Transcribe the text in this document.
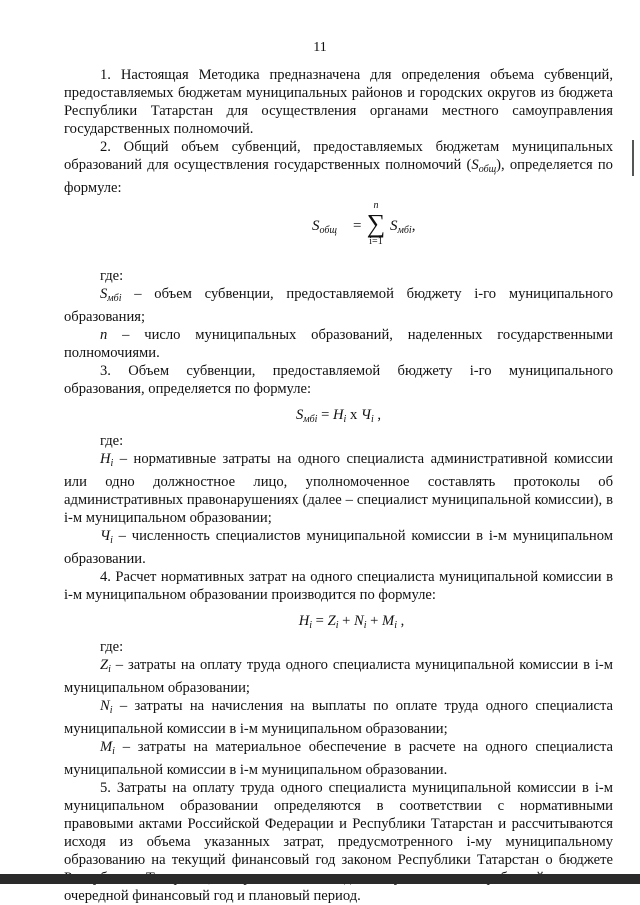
11

1. Настоящая Методика предназначена для определения объема субвенций, предоставляемых бюджетам муниципальных районов и городских округов из бюджета Республики Татарстан для осуществления органами местного самоуправления государственных полномочий.

2. Общий объем субвенций, предоставляемых бюджетам муниципальных образований для осуществления государственных полномочий $(S_{общ})$, определяется по формуле:

$S_{общ}$ =
n
∑
i=1
$S_{мбi}$,

где:

$S_{мбi}$ – объем субвенции, предоставляемой бюджету i-го муниципального образования;

n – число муниципальных образований, наделенных государственными полномочиями.

3. Объем субвенции, предоставляемой бюджету i-го муниципального образования, определяется по формуле:

$S_{мбi} = H_i$ x $Ч_i$ ,

где:

$H_i$ – нормативные затраты на одного специалиста административной комиссии или одно должностное лицо, уполномоченное составлять протоколы об административных правонарушениях (далее – специалист муниципальной комиссии), в i-м муниципальном образовании;

$Ч_i$ – численность специалистов муниципальной комиссии в i-м муниципальном образовании.

4. Расчет нормативных затрат на одного специалиста муниципальной комиссии в i-м муниципальном образовании производится по формуле:

$H_i = Z_i + N_i + M_i$ ,

где:

$Z_i$ – затраты на оплату труда одного специалиста муниципальной комиссии в i-м муниципальном образовании;

$N_i$ – затраты на начисления на выплаты по оплате труда одного специалиста муниципальной комиссии в i-м муниципальном образовании;

$M_i$ – затраты на материальное обеспечение в расчете на одного специалиста муниципальной комиссии в i-м муниципальном образовании.

5. Затраты на оплату труда одного специалиста муниципальной комиссии в i-м муниципальном образовании определяются в соответствии с нормативными правовыми актами Российской Федерации и Республики Татарстан и рассчитываются исходя из объема указанных затрат, предусмотренного i-му муниципальному образованию на текущий финансовый год законом Республики Татарстан о бюджете очередной финансовый год и плановый период.
